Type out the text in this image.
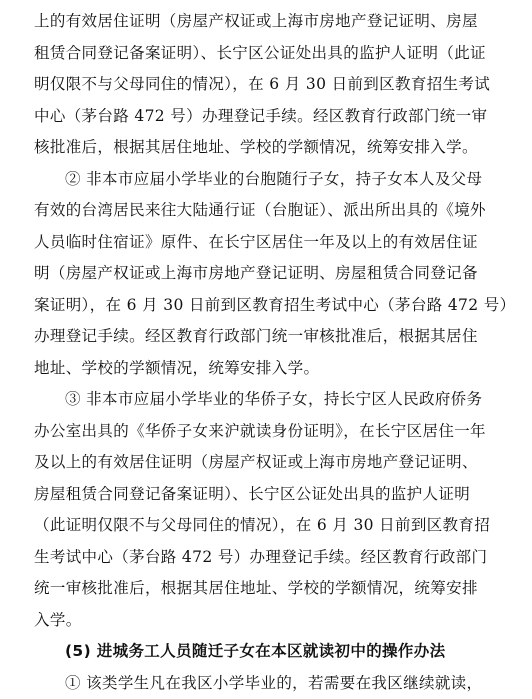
上的有效居住证明（房屋产权证或上海市房地产登记证明、房屋
租赁合同登记备案证明）、长宁区公证处出具的监护人证明（此证
明仅限不与父母同住的情况），在 6 月 30 日前到区教育招生考试
中心（茅台路 472 号）办理登记手续。经区教育行政部门统一审
核批准后，根据其居住地址、学校的学额情况，统筹安排入学。
② 非本市应届小学毕业的台胞随行子女，持子女本人及父母
有效的台湾居民来往大陆通行证（台胞证）、派出所出具的《境外
人员临时住宿证》原件、在长宁区居住一年及以上的有效居住证
明（房屋产权证或上海市房地产登记证明、房屋租赁合同登记备
案证明），在 6 月 30 日前到区教育招生考试中心（茅台路 472 号）
办理登记手续。经区教育行政部门统一审核批准后，根据其居住
地址、学校的学额情况，统筹安排入学。
③ 非本市应届小学毕业的华侨子女，持长宁区人民政府侨务
办公室出具的《华侨子女来沪就读身份证明》，在长宁区居住一年
及以上的有效居住证明（房屋产权证或上海市房地产登记证明、
房屋租赁合同登记备案证明）、长宁区公证处出具的监护人证明
（此证明仅限不与父母同住的情况），在 6 月 30 日前到区教育招
生考试中心（茅台路 472 号）办理登记手续。经区教育行政部门
统一审核批准后，根据其居住地址、学校的学额情况，统筹安排
入学。
(5) 进城务工人员随迁子女在本区就读初中的操作办法
① 该类学生凡在我区小学毕业的，若需要在我区继续就读，
